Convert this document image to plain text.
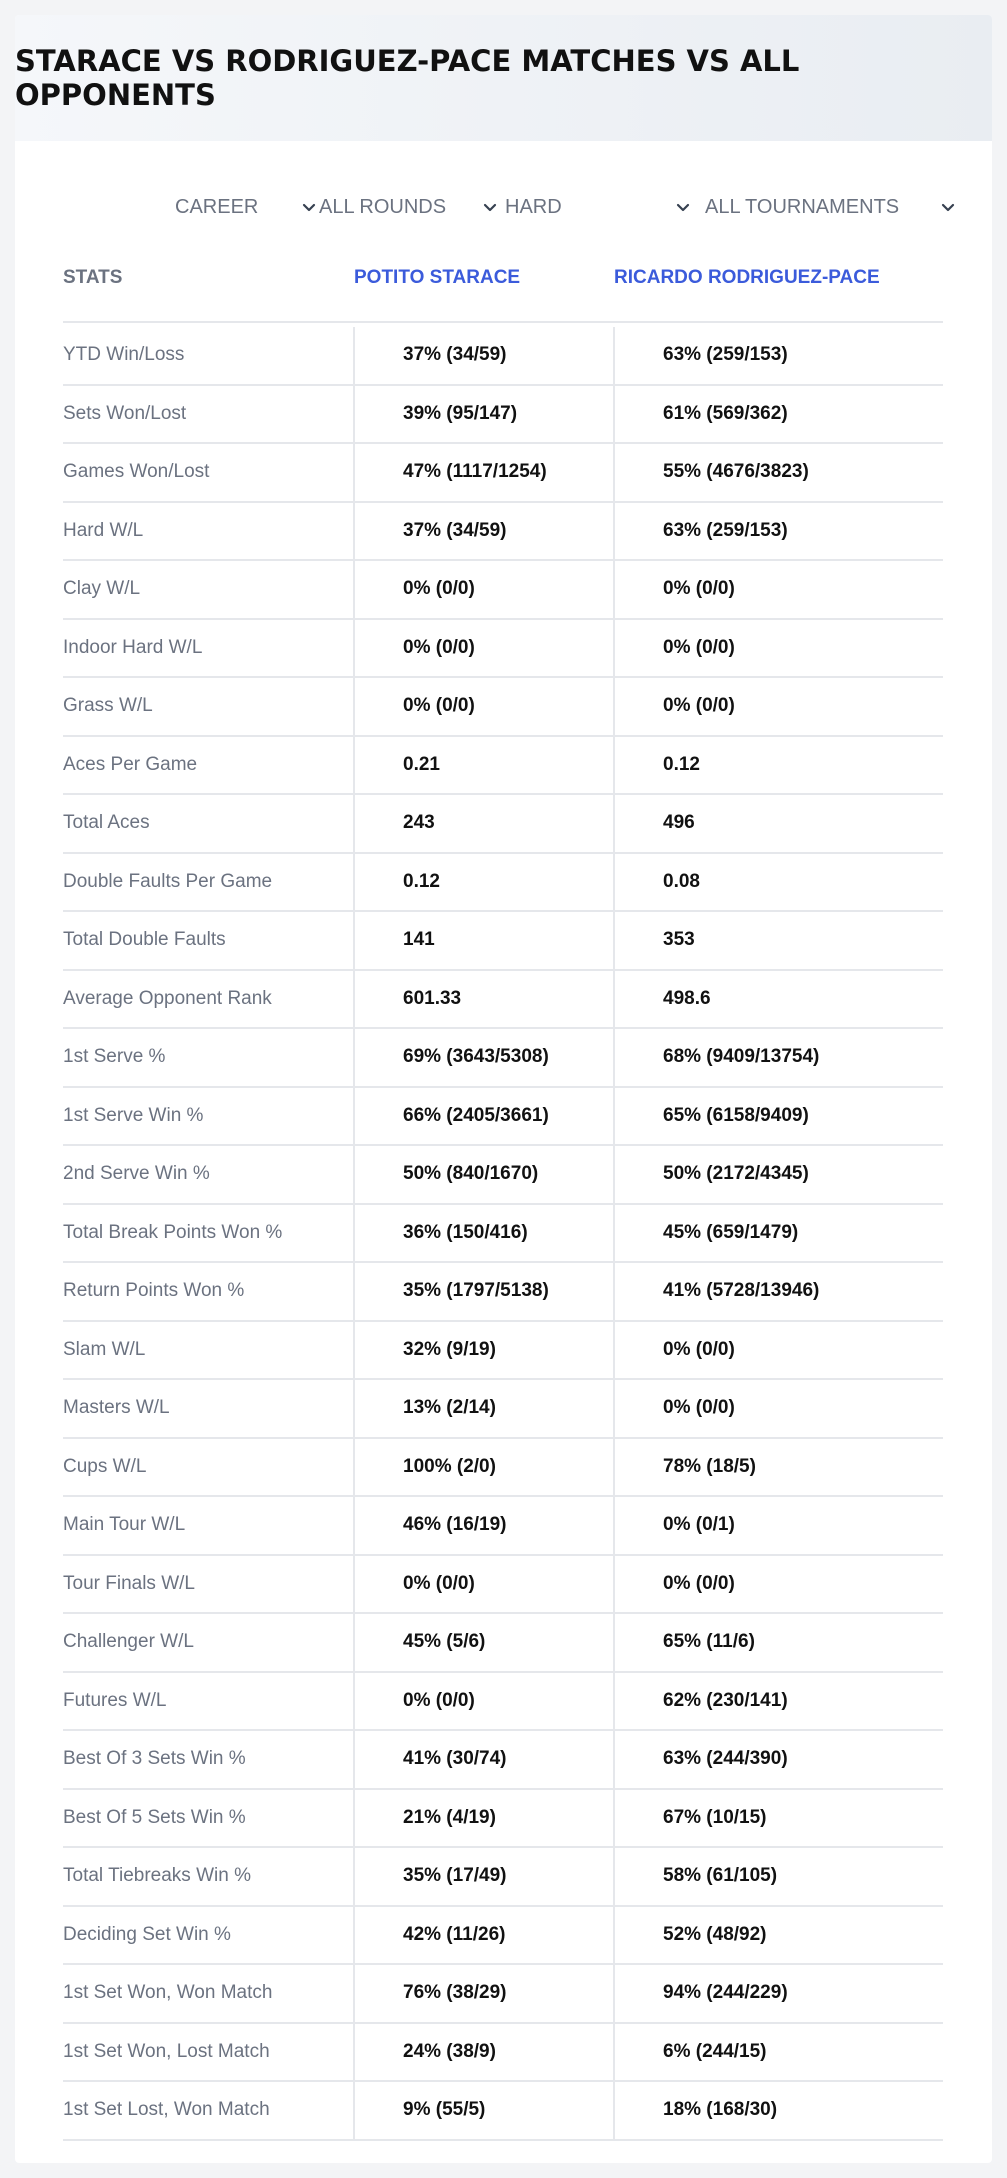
STARACE VS RODRIGUEZ-PACE MATCHES VS ALL OPPONENTS
CAREER	ALL ROUNDS	HARD	ALL TOURNAMENTS
STATS	POTITO STARACE	RICARDO RODRIGUEZ-PACE
YTD Win/Loss	37% (34/59)	63% (259/153)
Sets Won/Lost	39% (95/147)	61% (569/362)
Games Won/Lost	47% (1117/1254)	55% (4676/3823)
Hard W/L	37% (34/59)	63% (259/153)
Clay W/L	0% (0/0)	0% (0/0)
Indoor Hard W/L	0% (0/0)	0% (0/0)
Grass W/L	0% (0/0)	0% (0/0)
Aces Per Game	0.21	0.12
Total Aces	243	496
Double Faults Per Game	0.12	0.08
Total Double Faults	141	353
Average Opponent Rank	601.33	498.6
1st Serve %	69% (3643/5308)	68% (9409/13754)
1st Serve Win %	66% (2405/3661)	65% (6158/9409)
2nd Serve Win %	50% (840/1670)	50% (2172/4345)
Total Break Points Won %	36% (150/416)	45% (659/1479)
Return Points Won %	35% (1797/5138)	41% (5728/13946)
Slam W/L	32% (9/19)	0% (0/0)
Masters W/L	13% (2/14)	0% (0/0)
Cups W/L	100% (2/0)	78% (18/5)
Main Tour W/L	46% (16/19)	0% (0/1)
Tour Finals W/L	0% (0/0)	0% (0/0)
Challenger W/L	45% (5/6)	65% (11/6)
Futures W/L	0% (0/0)	62% (230/141)
Best Of 3 Sets Win %	41% (30/74)	63% (244/390)
Best Of 5 Sets Win %	21% (4/19)	67% (10/15)
Total Tiebreaks Win %	35% (17/49)	58% (61/105)
Deciding Set Win %	42% (11/26)	52% (48/92)
1st Set Won, Won Match	76% (38/29)	94% (244/229)
1st Set Won, Lost Match	24% (38/9)	6% (244/15)
1st Set Lost, Won Match	9% (55/5)	18% (168/30)
